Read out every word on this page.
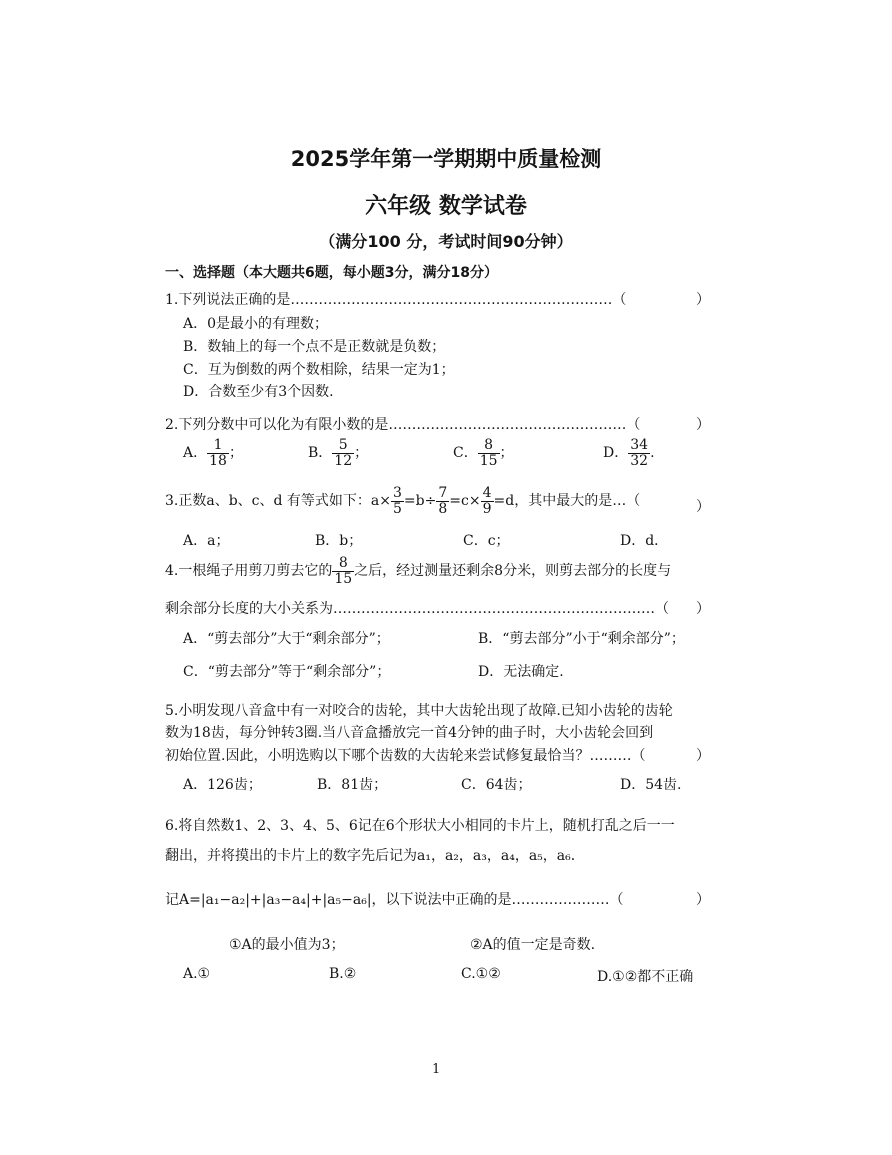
2025学年第一学期期中质量检测
六年级 数学试卷
（满分100 分，考试时间90分钟）
一、选择题（本大题共6题，每小题3分，满分18分）
1.下列说法正确的是……………………………………………………………（	）
A．0是最小的有理数；
B．数轴上的每一个点不是正数就是负数；
C．互为倒数的两个数相除，结果一定为1；
D．合数至少有3个因数.
2.下列分数中可以化为有限小数的是……………………………………………（	）
A． $\frac{1}{18}$ ；	B． $\frac{5}{12}$ ；	C． $\frac{8}{15}$ ；	D． $\frac{34}{32}$ .
3.正数a、b、c、d 有等式如下：$a\times \frac{3}{5} =b\div \frac{7}{8} =c\times \frac{4}{9} =d$，其中最大的是…（	）
A．a；	B．b；	C．c；	D．d．
4.一根绳子用剪刀剪去它的 $\frac{8}{15}$ 之后，经过测量还剩余8分米，则剪去部分的长度与
剩余部分长度的大小关系为……………………………………………………………（ ）
A．“剪去部分”大于“剩余部分”；	B．“剪去部分”小于“剩余部分”；
C．“剪去部分”等于“剩余部分”；	D．无法确定.
5.小明发现八音盒中有一对咬合的齿轮，其中大齿轮出现了故障.已知小齿轮的齿轮
数为18齿，每分钟转3圈.当八音盒播放完一首4分钟的曲子时，大小齿轮会回到
初始位置.因此，小明选购以下哪个齿数的大齿轮来尝试修复最恰当？………（	）
A．126齿；	B．81齿；	C．64齿；	D．54齿.
6.将自然数1、2、3、4、5、6记在6个形状大小相同的卡片上，随机打乱之后一一
翻出，并将摸出的卡片上的数字先后记为a₁，a₂，a₃，a₄，a₅，a₆．
记A=|a₁−a₂|+|a₃−a₄|+|a₅−a₆|，以下说法中正确的是…………………（	）
①A的最小值为3；	②A的值一定是奇数.
A.①	B.②	C.①②	D.①②都不正确
1
